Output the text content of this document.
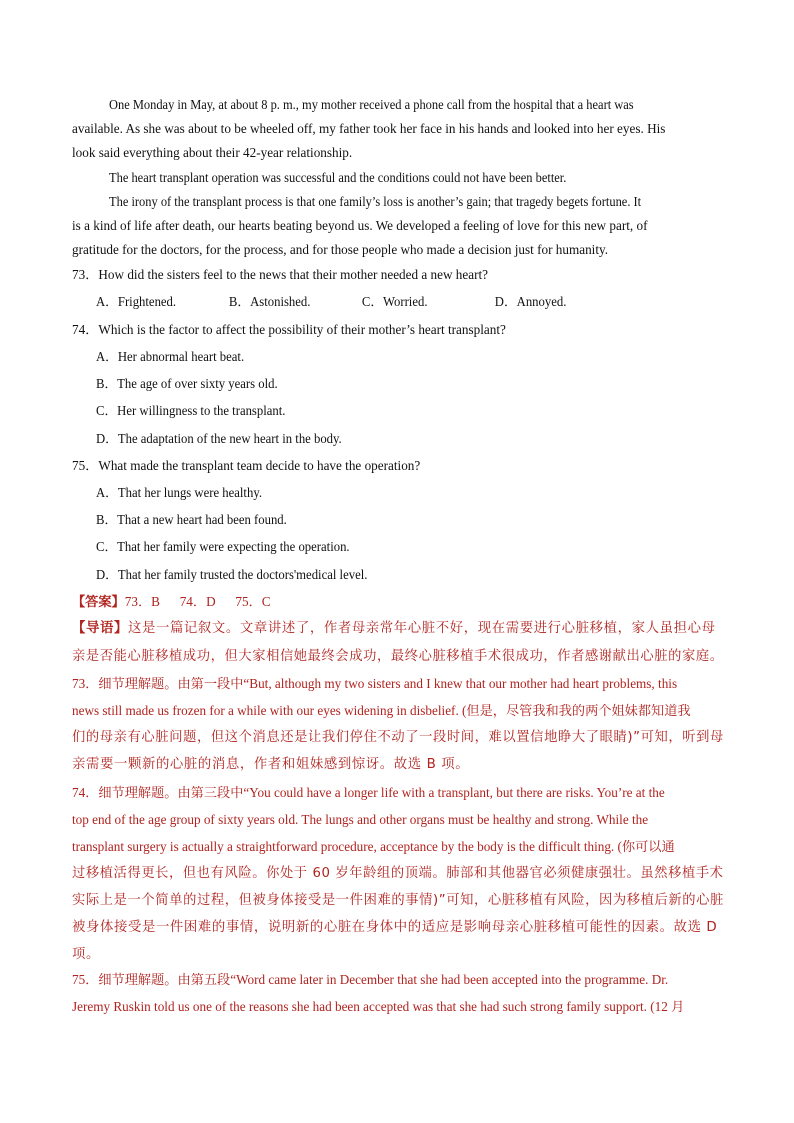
One Monday in May, at about 8 p. m., my mother received a phone call from the hospital that a heart was
available. As she was about to be wheeled off, my father took her face in his hands and looked into her eyes. His
look said everything about their 42-year relationship.
The heart transplant operation was successful and the conditions could not have been better.
The irony of the transplant process is that one family’s loss is another’s gain; that tragedy begets fortune. It
is a kind of life after death, our hearts beating beyond us. We developed a feeling of love for this new part, of
gratitude for the doctors, for the process, and for those people who made a decision just for humanity.
73．How did the sisters feel to the news that their mother needed a new heart?
A．Frightened.	B．Astonished.	C．Worried.	D．Annoyed.
74．Which is the factor to affect the possibility of their mother’s heart transplant?
A．Her abnormal heart beat.
B．The age of over sixty years old.
C．Her willingness to the transplant.
D．The adaptation of the new heart in the body.
75．What made the transplant team decide to have the operation?
A．That her lungs were healthy.
B．That a new heart had been found.
C．That her family were expecting the operation.
D．That her family trusted the doctors'medical level.
【答案】73．B      74．D      75．C
【导语】这是一篇记叙文。文章讲述了，作者母亲常年心脏不好，现在需要进行心脏移植，家人虽担心母
亲是否能心脏移植成功，但大家相信她最终会成功，最终心脏移植手术很成功，作者感谢献出心脏的家庭。
73．细节理解题。由第一段中“But, although my two sisters and I knew that our mother had heart problems, this
news still made us frozen for a while with our eyes widening in disbelief. (但是，尽管我和我的两个姐妹都知道我
们的母亲有心脏问题，但这个消息还是让我们停住不动了一段时间，难以置信地睁大了眼睛)”可知，听到母
亲需要一颗新的心脏的消息，作者和姐妹感到惊讶。故选 B 项。
74．细节理解题。由第三段中“You could have a longer life with a transplant, but there are risks. You’re at the
top end of the age group of sixty years old. The lungs and other organs must be healthy and strong. While the
transplant surgery is actually a straightforward procedure, acceptance by the body is the difficult thing. (你可以通
过移植活得更长，但也有风险。你处于 60 岁年龄组的顶端。肺部和其他器官必须健康强壮。虽然移植手术
实际上是一个简单的过程，但被身体接受是一件困难的事情)”可知，心脏移植有风险，因为移植后新的心脏
被身体接受是一件困难的事情，说明新的心脏在身体中的适应是影响母亲心脏移植可能性的因素。故选 D
项。
75．细节理解题。由第五段“Word came later in December that she had been accepted into the programme. Dr.
Jeremy Ruskin told us one of the reasons she had been accepted was that she had such strong family support. (12 月
